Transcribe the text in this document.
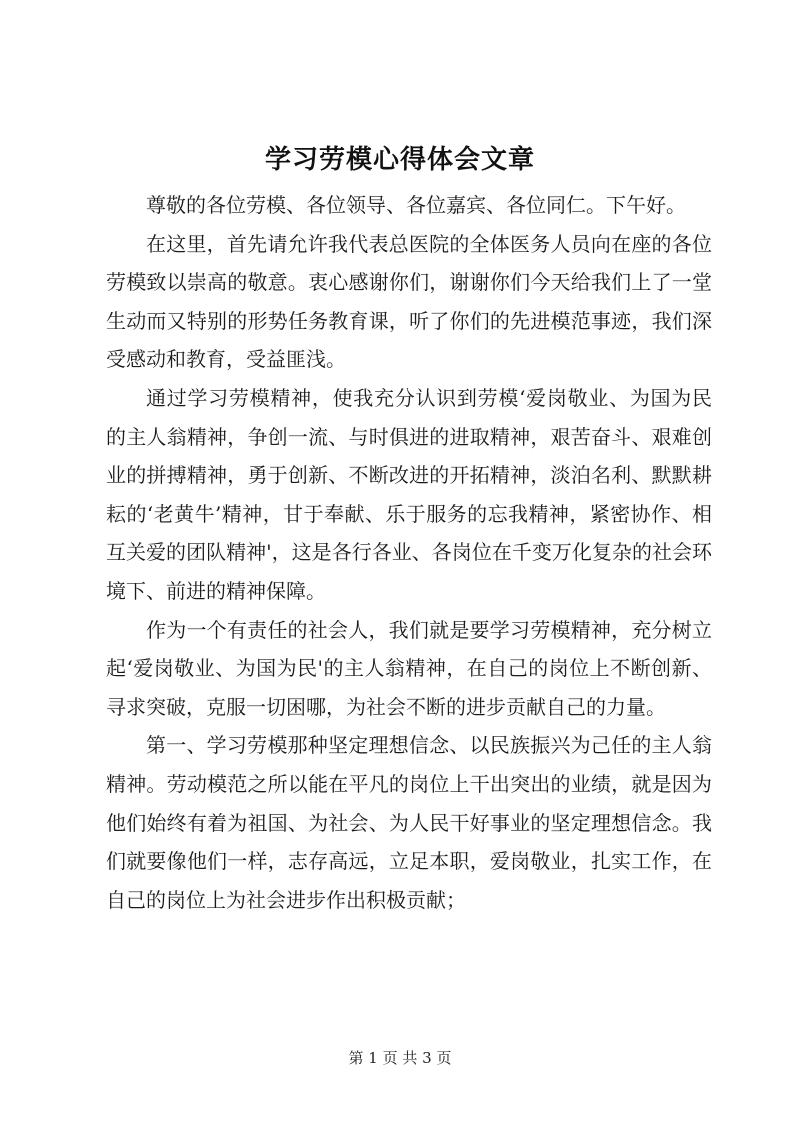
学习劳模心得体会文章

尊敬的各位劳模、各位领导、各位嘉宾、各位同仁。下午好。

在这里，首先请允许我代表总医院的全体医务人员向在座的各位劳模致以崇高的敬意。衷心感谢你们，谢谢你们今天给我们上了一堂生动而又特别的形势任务教育课，听了你们的先进模范事迹，我们深受感动和教育，受益匪浅。

通过学习劳模精神，使我充分认识到劳模‘爱岗敬业、为国为民的主人翁精神，争创一流、与时俱进的进取精神，艰苦奋斗、艰难创业的拼搏精神，勇于创新、不断改进的开拓精神，淡泊名利、默默耕耘的‘老黄牛’精神，甘于奉献、乐于服务的忘我精神，紧密协作、相互关爱的团队精神'，这是各行各业、各岗位在千变万化复杂的社会环境下、前进的精神保障。

作为一个有责任的社会人，我们就是要学习劳模精神，充分树立起‘爱岗敬业、为国为民'的主人翁精神，在自己的岗位上不断创新、寻求突破，克服一切困哪，为社会不断的进步贡献自己的力量。

第一、学习劳模那种坚定理想信念、以民族振兴为己任的主人翁精神。劳动模范之所以能在平凡的岗位上干出突出的业绩，就是因为他们始终有着为祖国、为社会、为人民干好事业的坚定理想信念。我们就要像他们一样，志存高远，立足本职，爱岗敬业，扎实工作，在自己的岗位上为社会进步作出积极贡献；

第 1 页 共 3 页
